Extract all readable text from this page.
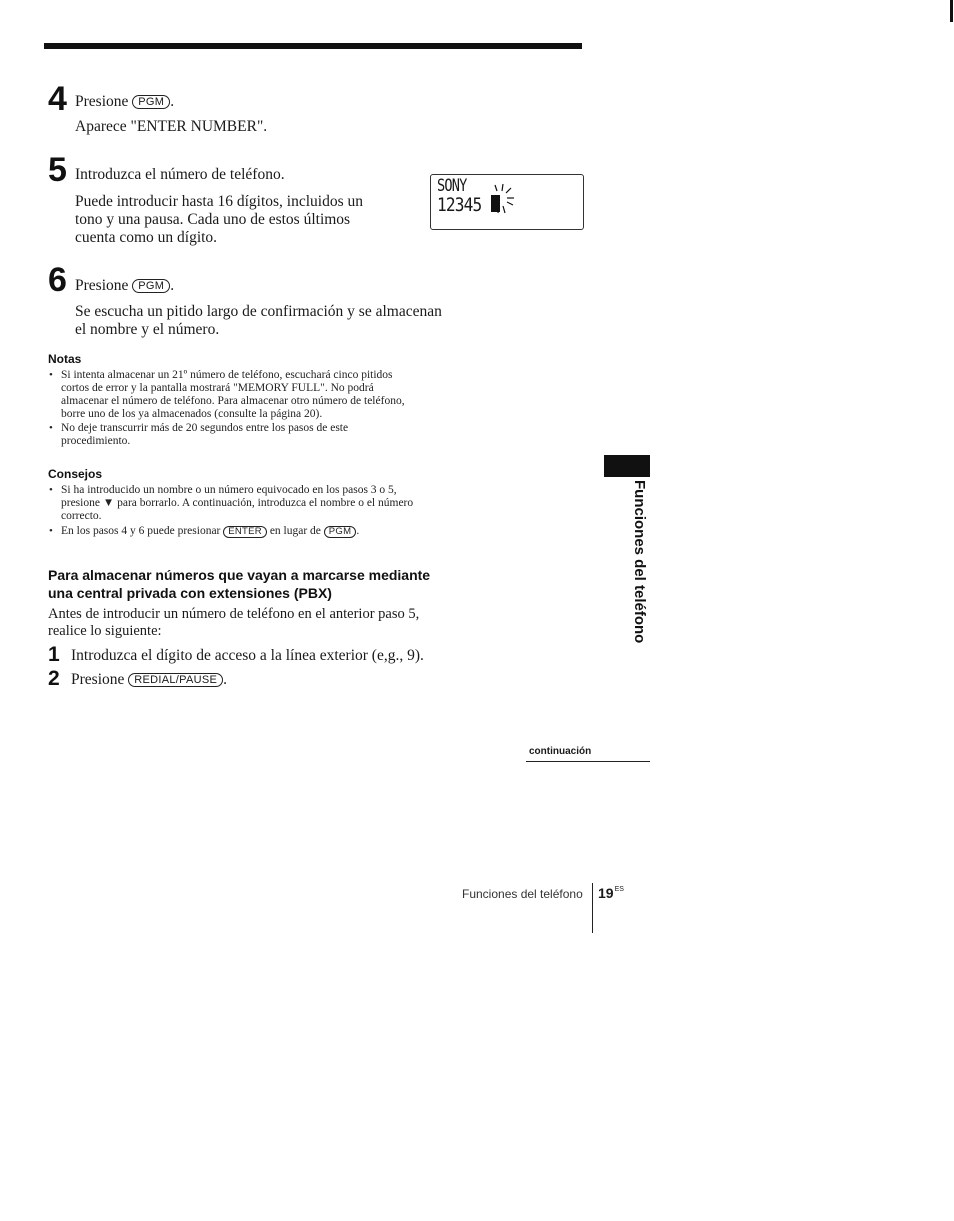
4 Presione PGM .
Aparece "ENTER NUMBER".
5 Introduzca el número de teléfono.
Puede introducir hasta 16 dígitos, incluidos un
tono y una pausa. Cada uno de estos últimos
cuenta como un dígito.
SONY
12345
6 Presione PGM .
Se escucha un pitido largo de confirmación y se almacenan
el nombre y el número.
Notas
• Si intenta almacenar un 21º número de teléfono, escuchará cinco pitidos
cortos de error y la pantalla mostrará "MEMORY FULL". No podrá
almacenar el número de teléfono. Para almacenar otro número de teléfono,
borre uno de los ya almacenados (consulte la página 20).
• No deje transcurrir más de 20 segundos entre los pasos de este
procedimiento.
Consejos
• Si ha introducido un nombre o un número equivocado en los pasos 3 o 5,
presione ▼ para borrarlo. A continuación, introduzca el nombre o el número
correcto.
• En los pasos 4 y 6 puede presionar ENTER en lugar de PGM .
Para almacenar números que vayan a marcarse mediante
una central privada con extensiones (PBX)
Antes de introducir un número de teléfono en el anterior paso 5,
realice lo siguiente:
1 Introduzca el dígito de acceso a la línea exterior (e,g., 9).
2 Presione REDIAL/PAUSE .
Funciones del teléfono
continuación
Funciones del teléfono $19^{ES}$
